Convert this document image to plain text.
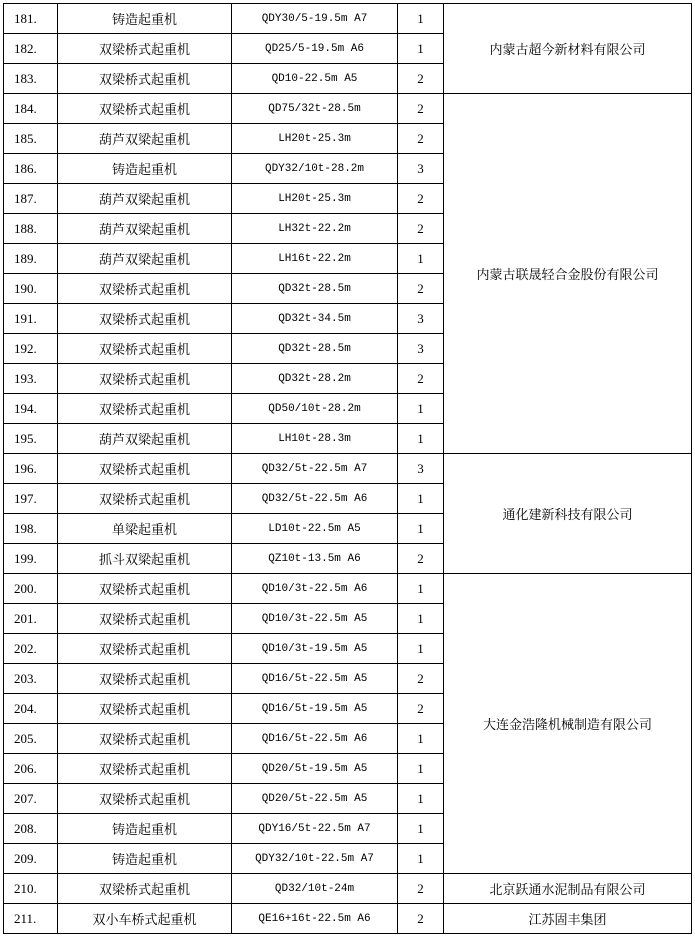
181.	铸造起重机	QDY30/5-19.5m A7	1	内蒙古超今新材料有限公司
182.	双梁桥式起重机	QD25/5-19.5m A6	1	
183.	双梁桥式起重机	QD10-22.5m A5	2	
184.	双梁桥式起重机	QD75/32t-28.5m	2	内蒙古联晟轻合金股份有限公司
185.	葫芦双梁起重机	LH20t-25.3m	2	
186.	铸造起重机	QDY32/10t-28.2m	3	
187.	葫芦双梁起重机	LH20t-25.3m	2	
188.	葫芦双梁起重机	LH32t-22.2m	2	
189.	葫芦双梁起重机	LH16t-22.2m	1	
190.	双梁桥式起重机	QD32t-28.5m	2	
191.	双梁桥式起重机	QD32t-34.5m	3	
192.	双梁桥式起重机	QD32t-28.5m	3	
193.	双梁桥式起重机	QD32t-28.2m	2	
194.	双梁桥式起重机	QD50/10t-28.2m	1	
195.	葫芦双梁起重机	LH10t-28.3m	1	
196.	双梁桥式起重机	QD32/5t-22.5m A7	3	通化建新科技有限公司
197.	双梁桥式起重机	QD32/5t-22.5m A6	1	
198.	单梁起重机	LD10t-22.5m A5	1	
199.	抓斗双梁起重机	QZ10t-13.5m A6	2	
200.	双梁桥式起重机	QD10/3t-22.5m A6	1	大连金浩隆机械制造有限公司
201.	双梁桥式起重机	QD10/3t-22.5m A5	1	
202.	双梁桥式起重机	QD10/3t-19.5m A5	1	
203.	双梁桥式起重机	QD16/5t-22.5m A5	2	
204.	双梁桥式起重机	QD16/5t-19.5m A5	2	
205.	双梁桥式起重机	QD16/5t-22.5m A6	1	
206.	双梁桥式起重机	QD20/5t-19.5m A5	1	
207.	双梁桥式起重机	QD20/5t-22.5m A5	1	
208.	铸造起重机	QDY16/5t-22.5m A7	1	
209.	铸造起重机	QDY32/10t-22.5m A7	1	
210.	双梁桥式起重机	QD32/10t-24m	2	北京跃通水泥制品有限公司
211.	双小车桥式起重机	QE16+16t-22.5m A6	2	江苏固丰集团
